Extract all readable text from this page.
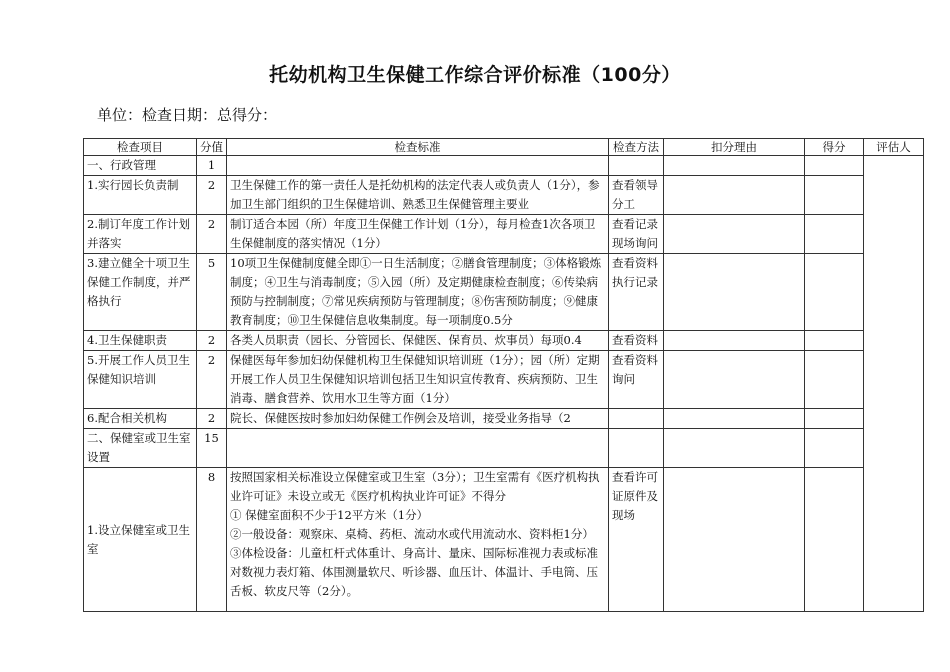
托幼机构卫生保健工作综合评价标准（100分）
单位：检查日期：总得分：
检查项目	分值	检查标准	检查方法	扣分理由	得分	评估人
一、行政管理	1					
1.实行园长负责制	2	卫生保健工作的第一责任人是托幼机构的法定代表人或负责人（1分），参加卫生部门组织的卫生保健培训、熟悉卫生保健管理主要业	查看领导分工			
2.制订年度工作计划并落实	2	制订适合本园（所）年度卫生保健工作计划（1分），每月检查1次各项卫生保健制度的落实情况（1分）	查看记录现场询问			
3.建立健全十项卫生保健工作制度，并严格执行	5	10项卫生保健制度健全即①一日生活制度；②膳食管理制度；③体格锻炼制度；④卫生与消毒制度；⑤入园（所）及定期健康检查制度；⑥传染病预防与控制制度；⑦常见疾病预防与管理制度；⑧伤害预防制度；⑨健康教育制度；⑩卫生保健信息收集制度。每一项制度0.5分	查看资料执行记录			
4.卫生保健职责	2	各类人员职责（园长、分管园长、保健医、保育员、炊事员）每项0.4	查看资料			
5.开展工作人员卫生保健知识培训	2	保健医每年参加妇幼保健机构卫生保健知识培训班（1分）；园（所）定期开展工作人员卫生保健知识培训包括卫生知识宣传教育、疾病预防、卫生消毒、膳食营养、饮用水卫生等方面（1分）	查看资料询问			
6.配合相关机构	2	院长、保健医按时参加妇幼保健工作例会及培训，接受业务指导（2				
二、保健室或卫生室设置	15					
1.设立保健室或卫生室	8	按照国家相关标准设立保健室或卫生室（3分）；卫生室需有《医疗机构执业许可证》未设立或无《医疗机构执业许可证》不得分
① 保健室面积不少于12平方米（1分）
②一般设备：观察床、桌椅、药柜、流动水或代用流动水、资料柜1分）
③体检设备：儿童杠杆式体重计、身高计、量床、国际标准视力表或标准对数视力表灯箱、体围测量软尺、听诊器、血压计、体温计、手电筒、压舌板、软皮尺等（2分）。	查看许可证原件及现场			
